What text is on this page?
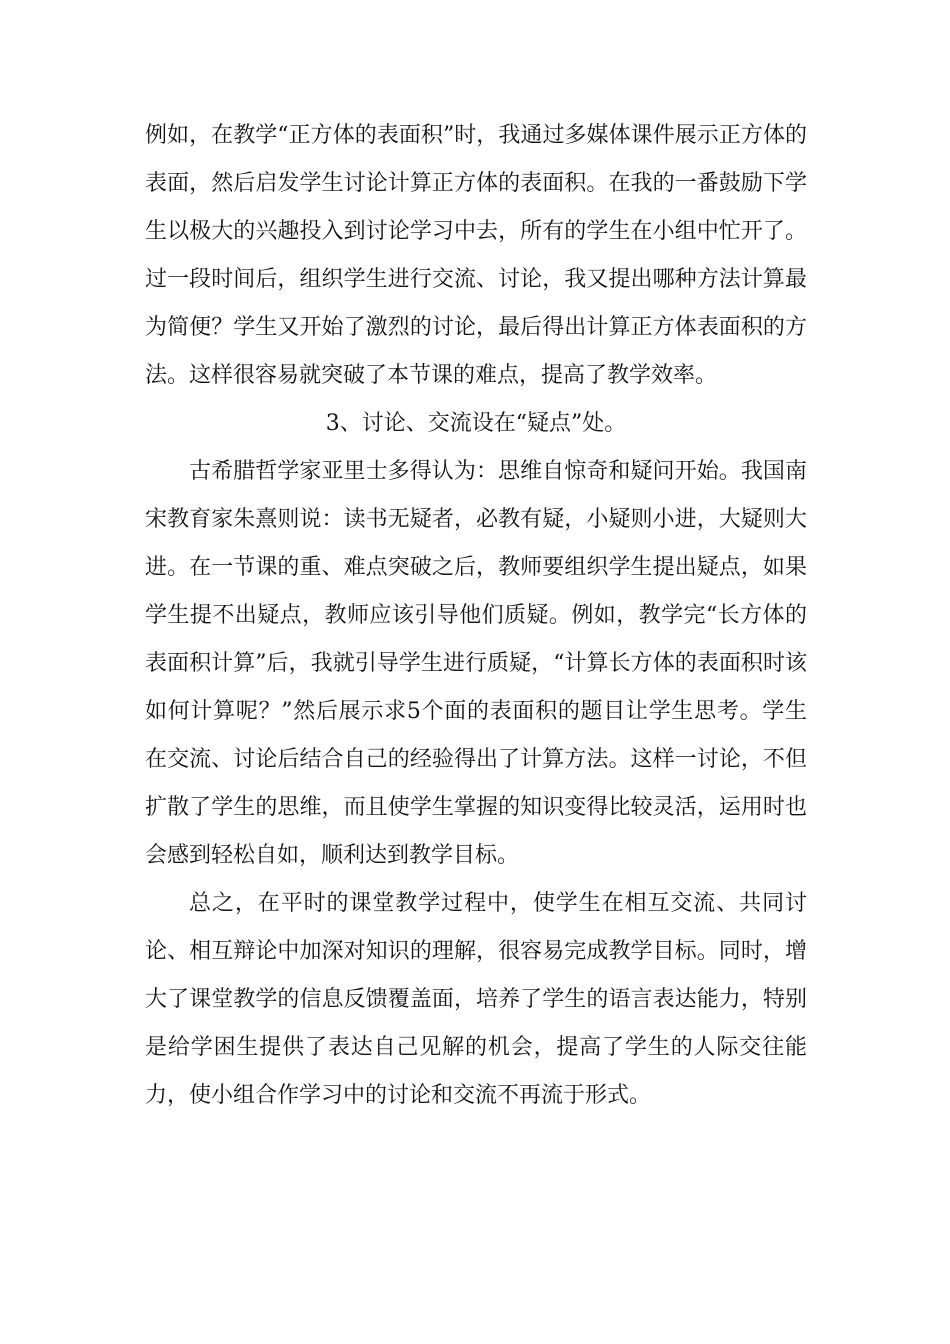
例如，在教学“正方体的表面积”时，我通过多媒体课件展示正方体的表面，然后启发学生讨论计算正方体的表面积。在我的一番鼓励下学生以极大的兴趣投入到讨论学习中去，所有的学生在小组中忙开了。过一段时间后，组织学生进行交流、讨论，我又提出哪种方法计算最为简便？学生又开始了激烈的讨论，最后得出计算正方体表面积的方法。这样很容易就突破了本节课的难点，提高了教学效率。

3、讨论、交流设在“疑点”处。

古希腊哲学家亚里士多得认为：思维自惊奇和疑问开始。我国南宋教育家朱熹则说：读书无疑者，必教有疑，小疑则小进，大疑则大进。在一节课的重、难点突破之后，教师要组织学生提出疑点，如果学生提不出疑点，教师应该引导他们质疑。例如，教学完“长方体的表面积计算”后，我就引导学生进行质疑，“计算长方体的表面积时该如何计算呢？”然后展示求5个面的表面积的题目让学生思考。学生在交流、讨论后结合自己的经验得出了计算方法。这样一讨论，不但扩散了学生的思维，而且使学生掌握的知识变得比较灵活，运用时也会感到轻松自如，顺利达到教学目标。

总之，在平时的课堂教学过程中，使学生在相互交流、共同讨论、相互辩论中加深对知识的理解，很容易完成教学目标。同时，增大了课堂教学的信息反馈覆盖面，培养了学生的语言表达能力，特别是给学困生提供了表达自己见解的机会，提高了学生的人际交往能力，使小组合作学习中的讨论和交流不再流于形式。
